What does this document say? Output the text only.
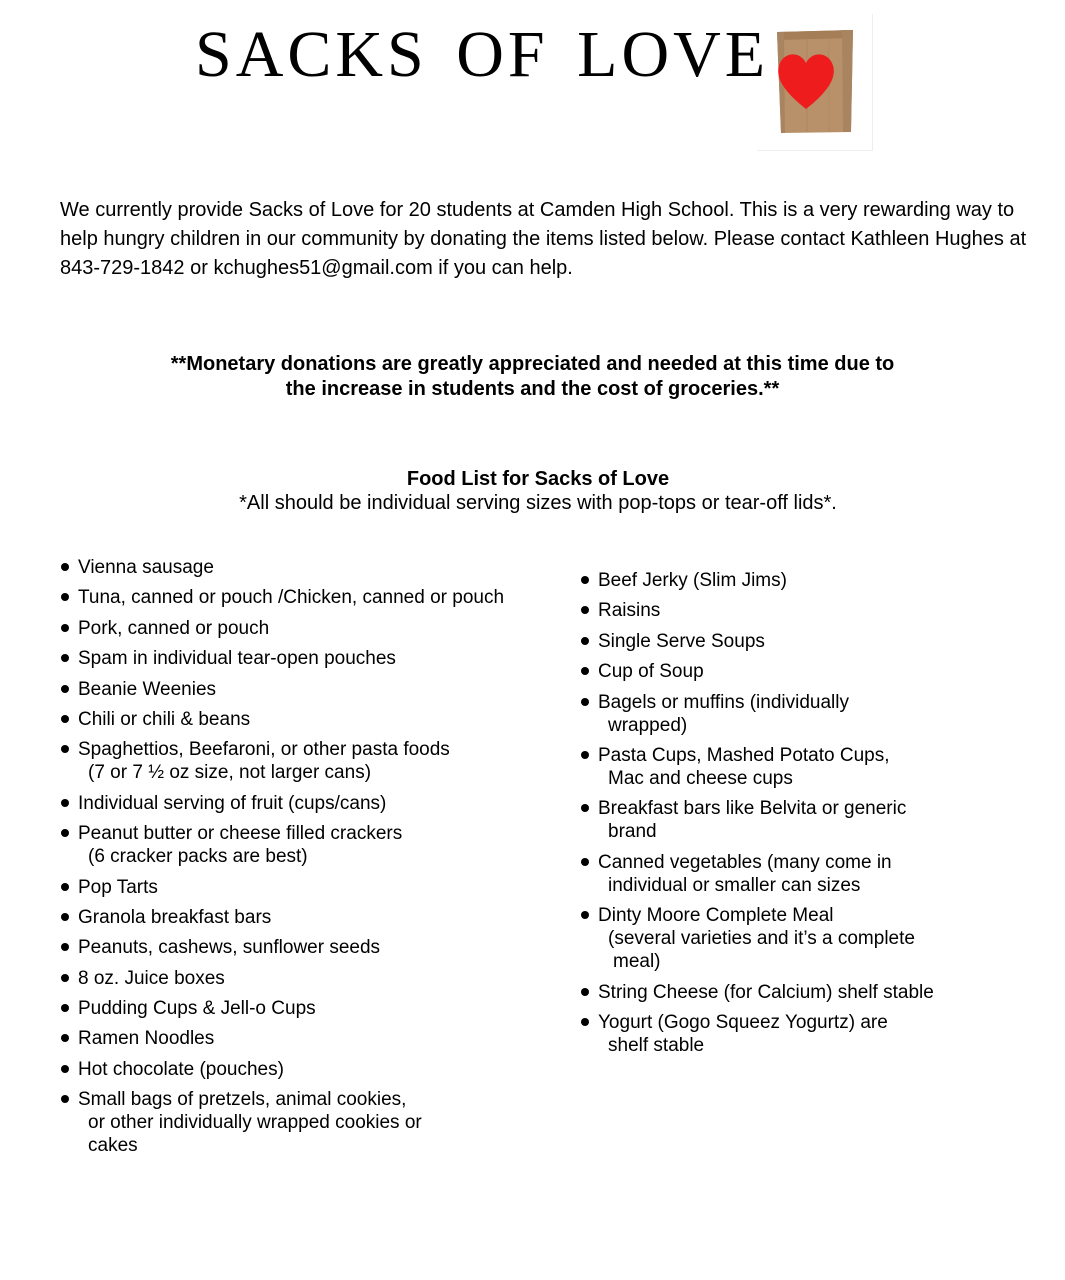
SACKS OF LOVE

We currently provide Sacks of Love for 20 students at Camden High School. This is a very rewarding way to help hungry children in our community by donating the items listed below. Please contact Kathleen Hughes at 843-729-1842 or kchughes51@gmail.com if you can help.

**Monetary donations are greatly appreciated and needed at this time due to
the increase in students and the cost of groceries.**
Food List for Sacks of Love
*All should be individual serving sizes with pop-tops or tear-off lids*.
Vienna sausage
Tuna, canned or pouch /Chicken, canned or pouch
Pork, canned or pouch
Spam in individual tear-open pouches
Beanie Weenies
Chili or chili & beans
Spaghettios, Beefaroni, or other pasta foods
(7 or 7 ½ oz size, not larger cans)
Individual serving of fruit (cups/cans)
Peanut butter or cheese filled crackers
(6 cracker packs are best)
Pop Tarts
Granola breakfast bars
Peanuts, cashews, sunflower seeds
8 oz. Juice boxes
Pudding Cups & Jell-o Cups
Ramen Noodles
Hot chocolate (pouches)
Small bags of pretzels, animal cookies,
or other individually wrapped cookies or
cakes
Beef Jerky (Slim Jims)
Raisins
Single Serve Soups
Cup of Soup
Bagels or muffins (individually
wrapped)
Pasta Cups, Mashed Potato Cups,
Mac and cheese cups
Breakfast bars like Belvita or generic
brand
Canned vegetables (many come in
individual or smaller can sizes
Dinty Moore Complete Meal
(several varieties and it’s a complete
meal)
String Cheese (for Calcium) shelf stable
Yogurt (Gogo Squeez Yogurtz) are
shelf stable
